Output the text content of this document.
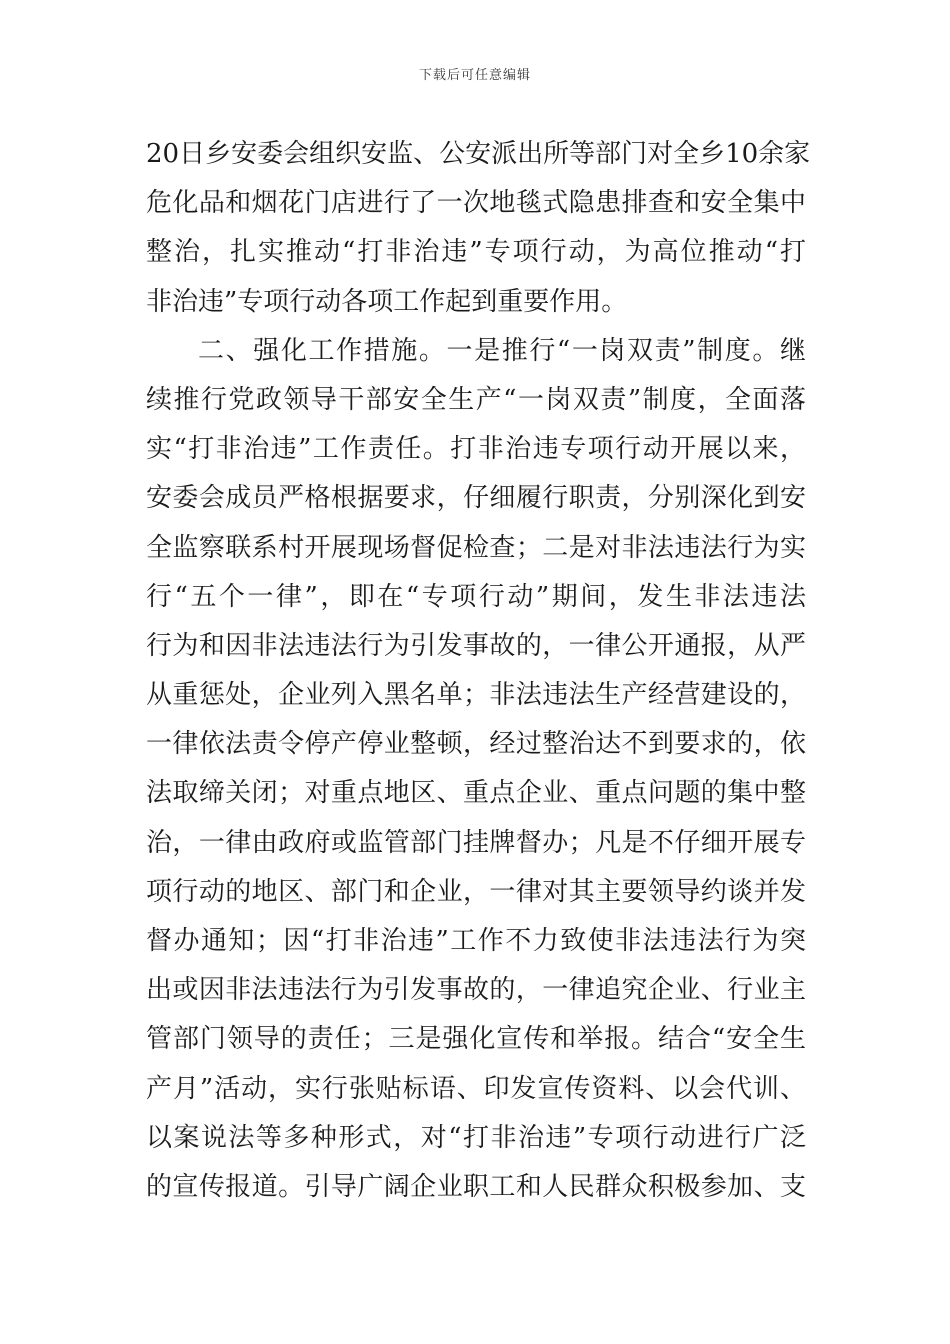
下载后可任意编辑
20日乡安委会组织安监、公安派出所等部门对全乡10余家
危化品和烟花门店进行了一次地毯式隐患排查和安全集中
整治，扎实推动“打非治违”专项行动，为高位推动“打
非治违”专项行动各项工作起到重要作用。
二、强化工作措施。一是推行“一岗双责”制度。继
续推行党政领导干部安全生产“一岗双责”制度，全面落
实“打非治违”工作责任。打非治违专项行动开展以来，
安委会成员严格根据要求，仔细履行职责，分别深化到安
全监察联系村开展现场督促检查；二是对非法违法行为实
行“五个一律”，即在“专项行动”期间，发生非法违法
行为和因非法违法行为引发事故的，一律公开通报，从严
从重惩处，企业列入黑名单；非法违法生产经营建设的，
一律依法责令停产停业整顿，经过整治达不到要求的，依
法取缔关闭；对重点地区、重点企业、重点问题的集中整
治，一律由政府或监管部门挂牌督办；凡是不仔细开展专
项行动的地区、部门和企业，一律对其主要领导约谈并发
督办通知；因“打非治违”工作不力致使非法违法行为突
出或因非法违法行为引发事故的，一律追究企业、行业主
管部门领导的责任；三是强化宣传和举报。结合“安全生
产月”活动，实行张贴标语、印发宣传资料、以会代训、
以案说法等多种形式，对“打非治违”专项行动进行广泛
的宣传报道。引导广阔企业职工和人民群众积极参加、支
